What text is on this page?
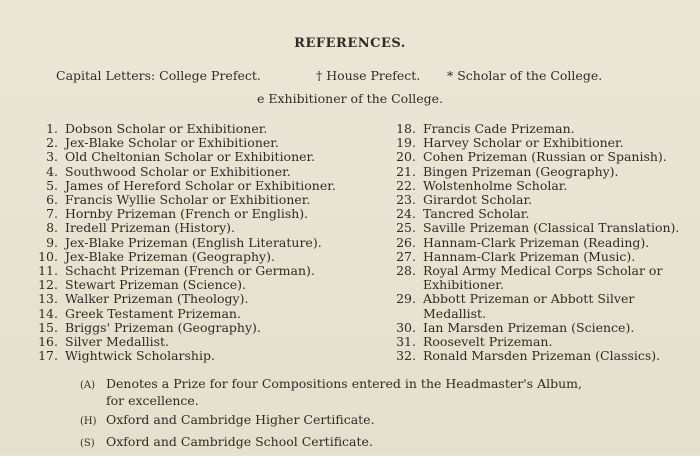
REFERENCES.
Capital Letters: College Prefect.	† House Prefect. * Scholar of the College.
e Exhibitioner of the College.
1. Dobson Scholar or Exhibitioner.
2. Jex-Blake Scholar or Exhibitioner.
3. Old Cheltonian Scholar or Exhibitioner.
4. Southwood Scholar or Exhibitioner.
5. James of Hereford Scholar or Exhibitioner.
6. Francis Wyllie Scholar or Exhibitioner.
7. Hornby Prizeman (French or English).
8. Iredell Prizeman (History).
9. Jex-Blake Prizeman (English Literature).
10. Jex-Blake Prizeman (Geography).
11. Schacht Prizeman (French or German).
12. Stewart Prizeman (Science).
13. Walker Prizeman (Theology).
14. Greek Testament Prizeman.
15. Briggs' Prizeman (Geography).
16. Silver Medallist.
17. Wightwick Scholarship.
18. Francis Cade Prizeman.
19. Harvey Scholar or Exhibitioner.
20. Cohen Prizeman (Russian or Spanish).
21. Bingen Prizeman (Geography).
22. Wolstenholme Scholar.
23. Girardot Scholar.
24. Tancred Scholar.
25. Saville Prizeman (Classical Translation).
26. Hannam-Clark Prizeman (Reading).
27. Hannam-Clark Prizeman (Music).
28. Royal Army Medical Corps Scholar or
Exhibitioner.
29. Abbott Prizeman or Abbott Silver
Medallist.
30. Ian Marsden Prizeman (Science).
31. Roosevelt Prizeman.
32. Ronald Marsden Prizeman (Classics).
(A) Denotes a Prize for four Compositions entered in the Headmaster's Album,
for excellence.
(H) Oxford and Cambridge Higher Certificate.
(S) Oxford and Cambridge School Certificate.
